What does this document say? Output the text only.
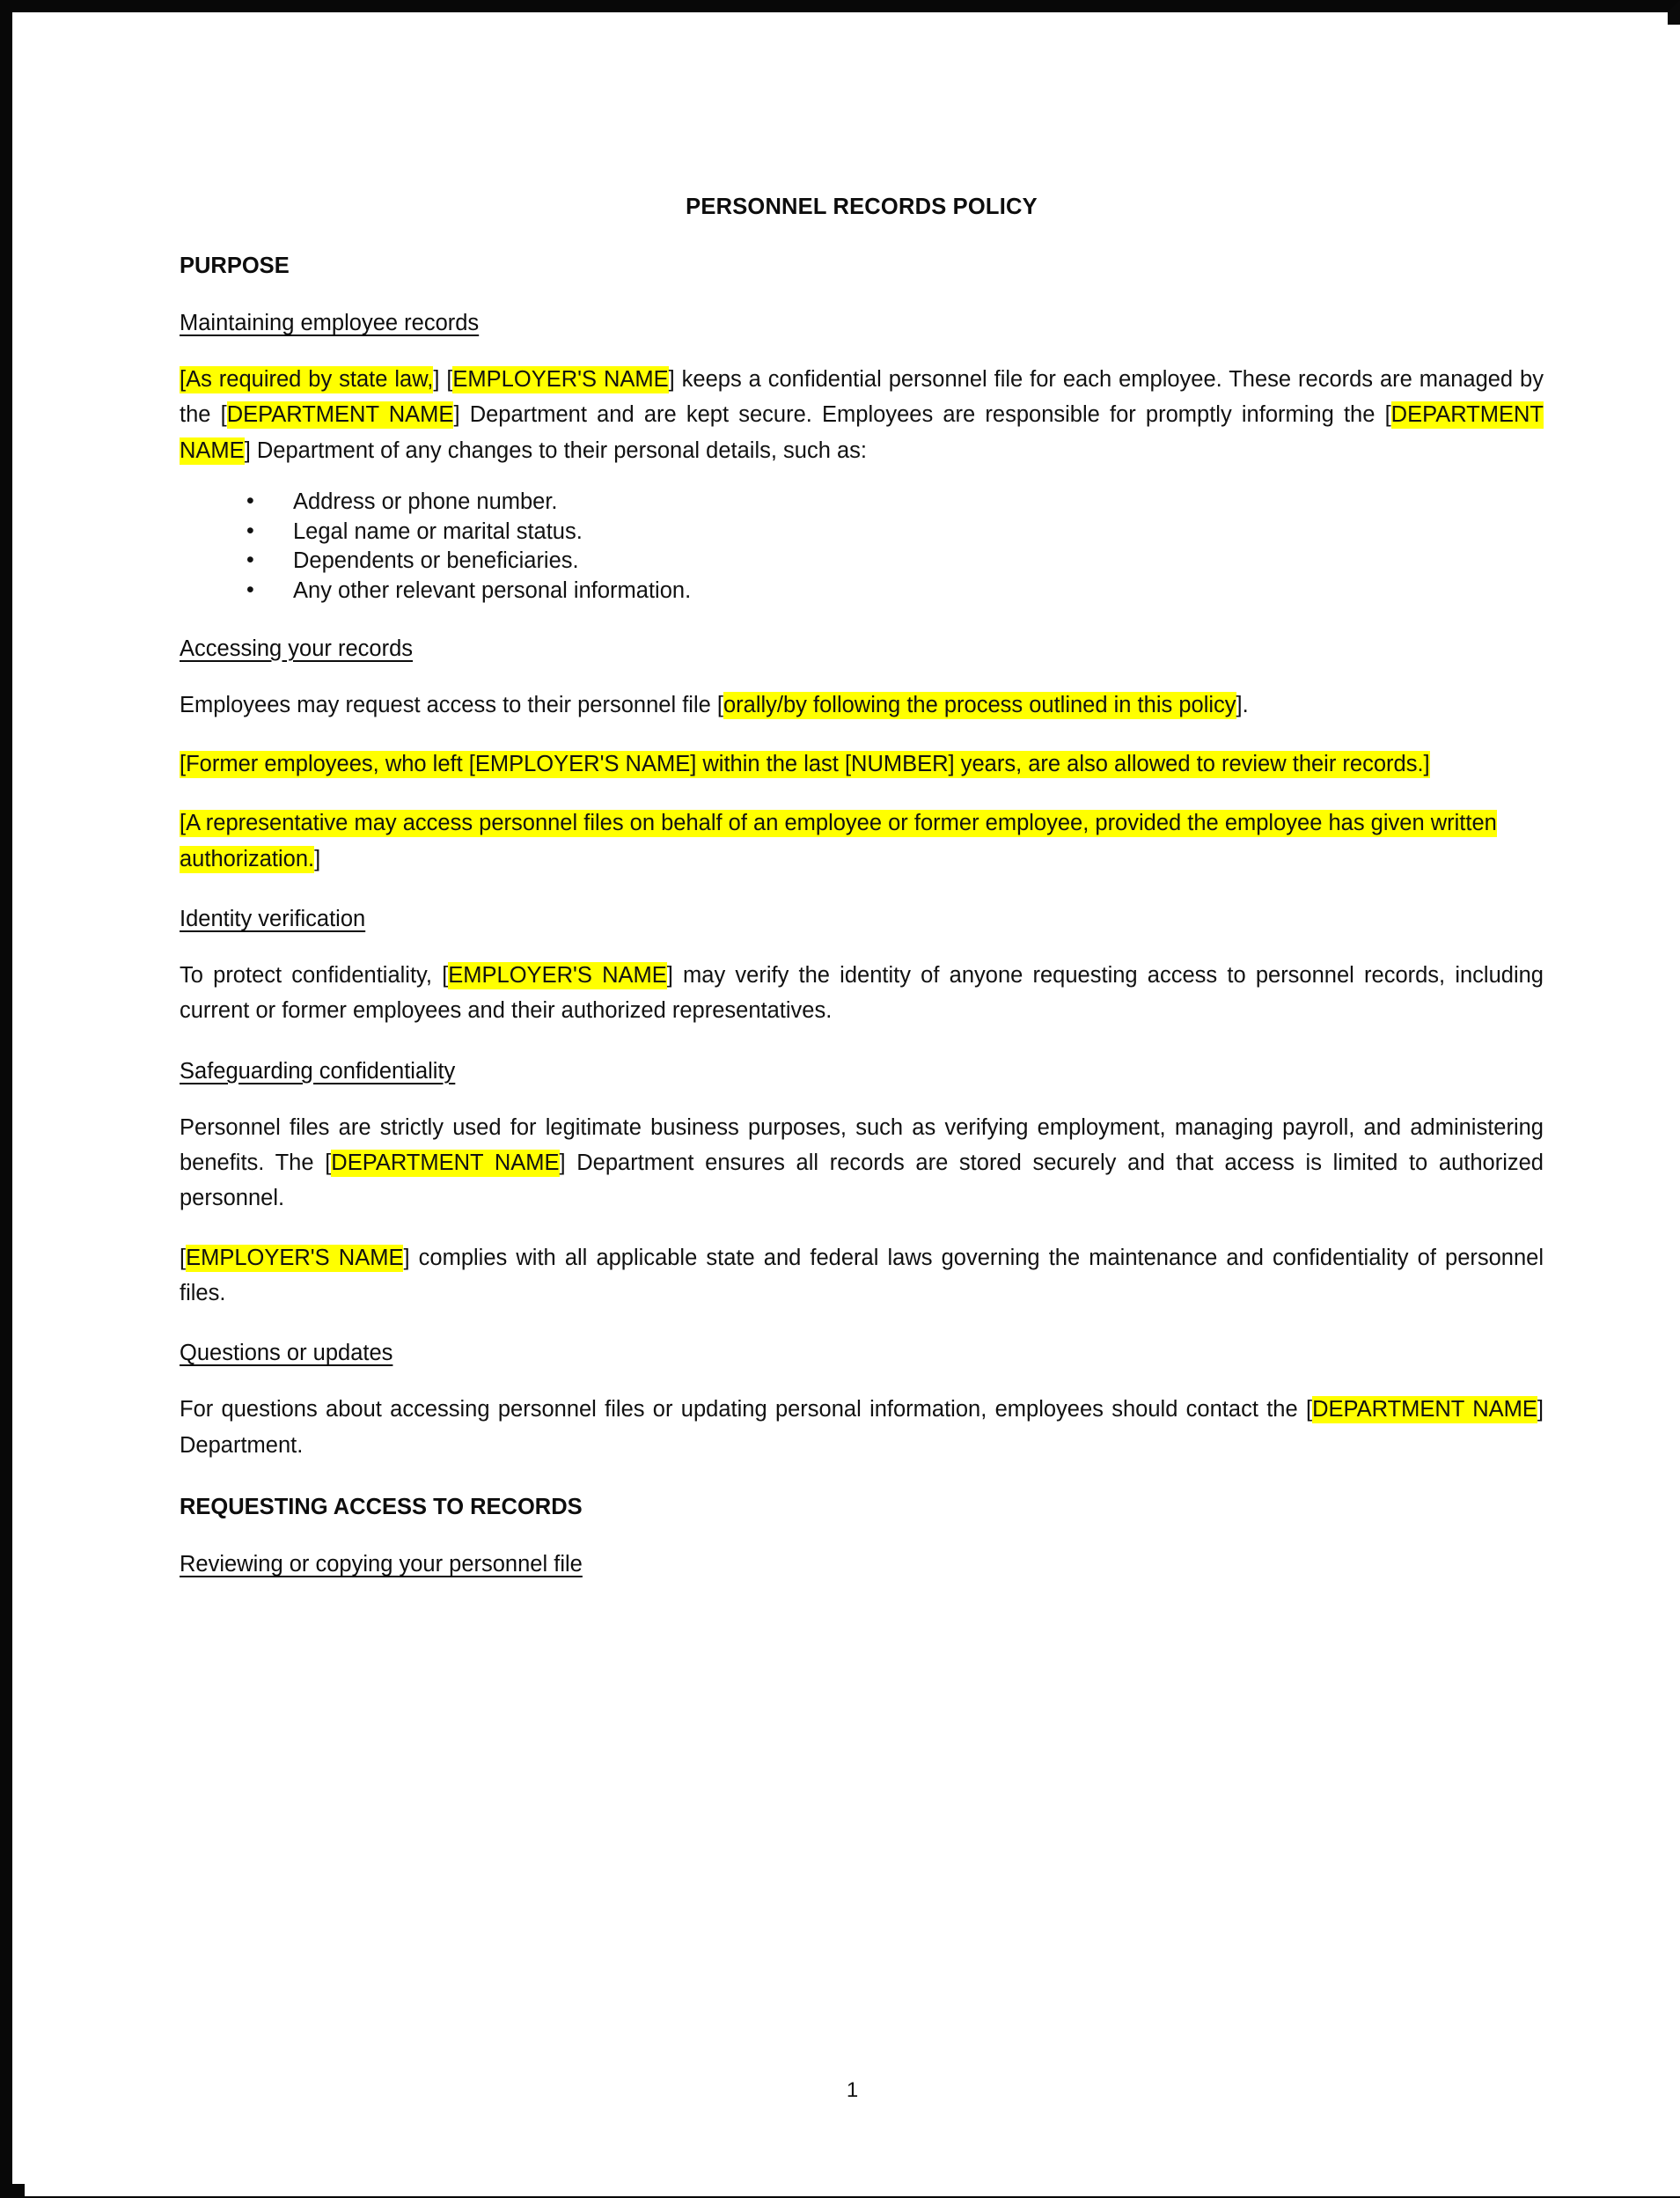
PERSONNEL RECORDS POLICY
PURPOSE
Maintaining employee records

[As required by state law,] [EMPLOYER'S NAME] keeps a confidential personnel file for each employee. These records are managed by the [DEPARTMENT NAME] Department and are kept secure. Employees are responsible for promptly informing the [DEPARTMENT NAME] Department of any changes to their personal details, such as:

• Address or phone number.
• Legal name or marital status.
• Dependents or beneficiaries.
• Any other relevant personal information.
Accessing your records

Employees may request access to their personnel file [orally/by following the process outlined in this policy].

[Former employees, who left [EMPLOYER'S NAME] within the last [NUMBER] years, are also allowed to review their records.]

[A representative may access personnel files on behalf of an employee or former employee, provided the employee has given written authorization.]

Identity verification

To protect confidentiality, [EMPLOYER'S NAME] may verify the identity of anyone requesting access to personnel records, including current or former employees and their authorized representatives.

Safeguarding confidentiality

Personnel files are strictly used for legitimate business purposes, such as verifying employment, managing payroll, and administering benefits. The [DEPARTMENT NAME] Department ensures all records are stored securely and that access is limited to authorized personnel.

[EMPLOYER'S NAME] complies with all applicable state and federal laws governing the maintenance and confidentiality of personnel files.

Questions or updates

For questions about accessing personnel files or updating personal information, employees should contact the [DEPARTMENT NAME] Department.

REQUESTING ACCESS TO RECORDS
Reviewing or copying your personnel file
1
